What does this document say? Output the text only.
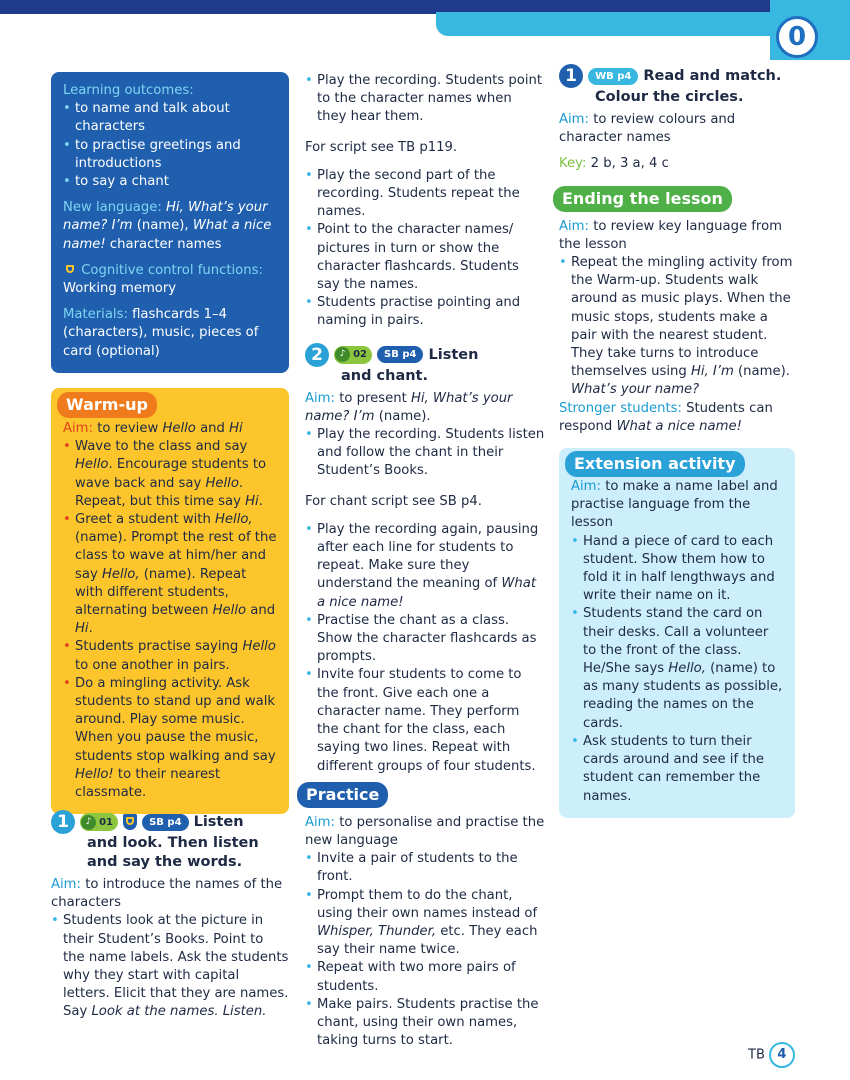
0

Learning outcomes:

• to name and talk about characters
• to practise greetings and introductions
• to say a chant

New language: Hi, What’s your name? I’m (name), What a nice name! character names

Cognitive control functions: Working memory

Materials: flashcards 1–4 (characters), music, pieces of card (optional)

Warm-up

Aim: to review Hello and Hi

• Wave to the class and say Hello. Encourage students to wave back and say Hello. Repeat, but this time say Hi.
• Greet a student with Hello, (name). Prompt the rest of the class to wave at him/her and say Hello, (name). Repeat with different students, alternating between Hello and Hi.
• Students practise saying Hello to one another in pairs.
• Do a mingling activity. Ask students to stand up and walk around. Play some music. When you pause the music, students stop walking and say Hello! to their nearest classmate.
1	♪ 01	SB p4 Listen
and look. Then listen and say the words.

Aim: to introduce the names of the characters

• Students look at the picture in their Student’s Books. Point to the name labels. Ask the students why they start with capital letters. Elicit that they are names. Say Look at the names. Listen.
• Play the recording. Students point to the character names when they hear them.

For script see TB p119.

• Play the second part of the recording. Students repeat the names.
• Point to the character names/ pictures in turn or show the character flashcards. Students say the names.
• Students practise pointing and naming in pairs.
2	♪ 02 SB p4 Listen
and chant.

Aim: to present Hi, What’s your name? I’m (name).

• Play the recording. Students listen and follow the chant in their Student’s Books.

For chant script see SB p4.

• Play the recording again, pausing after each line for students to repeat. Make sure they understand the meaning of What a nice name!
• Practise the chant as a class. Show the character flashcards as prompts.
• Invite four students to come to the front. Give each one a character name. They perform the chant for the class, each saying two lines. Repeat with different groups of four students.
Practice

Aim: to personalise and practise the new language

• Invite a pair of students to the front.
• Prompt them to do the chant, using their own names instead of Whisper, Thunder, etc. They each say their name twice.
• Repeat with two more pairs of students.
• Make pairs. Students practise the chant, using their own names, taking turns to start.
1 WB p4 Read and match.
Colour the circles.

Aim: to review colours and character names

Key: 2 b, 3 a, 4 c

Ending the lesson

Aim: to review key language from the lesson

• Repeat the mingling activity from the Warm-up. Students walk around as music plays. When the music stops, students make a pair with the nearest student. They take turns to introduce themselves using Hi, I’m (name). What’s your name?

Stronger students: Students can respond What a nice name!

Extension activity

Aim: to make a name label and practise language from the lesson

• Hand a piece of card to each student. Show them how to fold it in half lengthways and write their name on it.
• Students stand the card on their desks. Call a volunteer to the front of the class. He/She says Hello, (name) to as many students as possible, reading the names on the cards.
• Ask students to turn their cards around and see if the student can remember the names.
TB 4
